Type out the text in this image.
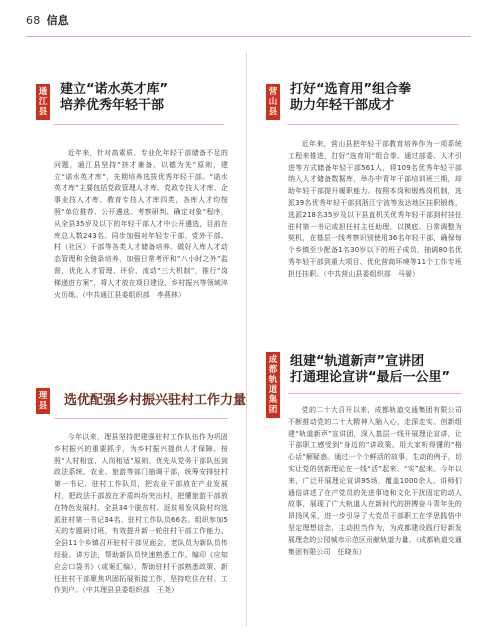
68 信息
通江县
建立“诺水英才库”
培养优秀年轻干部

近年来，针对高素质、专业化年轻干部储备不足的问题，通江县坚持“挤才兼备、以德为先”原则，建立“诺水英才库”，先期培养选拔优秀年轻干部。“诺水英才库”主要包括党政管理人才库、党政专技人才库、企事业技人才库、教育专技人才库四类，各库人才均按照“单位推荐、公开遴选、考察研判、确定对象”程序，从全县35岁及以下的年轻干部人才中公开遴选，目前在库总人数243名。同步加强对年轻专干部、党外干部、村（社区）干部等各类人才储备培养。做好入库人才动态管理和全链条培养，加强日常考评和“八小时之外”监督，优化人才管理、评价、流动“三大机制”，推行“岗梯递进方案”，将人才放在项目建设、乡村振兴等领域淬火历练。（中共通江县委组织部　李燕林）

营山县
打好“选育用”组合拳
助力年轻干部成才

近年来，营山县把年轻干部教育培养作为一项系统工程来推进，打好“选育用”组合拳。通过部委、人才引进等方式储备年轻干部561人，将109名优秀年轻干部纳入人才储备数据库，举办中青年干部培训班三期，却助年轻干部提升履职能力。按照本岗和锻炼岗机制，选派39名优秀年轻干部到浙江宁波等发达地区挂职锻炼，选派218名35岁及以下县直机关优秀年轻干部到村挂任驻村第一书记或担任村主任助理，以摸底、日常调整为契机，在基层一线考察识别使用36名年轻干部，确保每个乡镇至少配备1名30岁以下的班子成员，抽调80名优秀年轻干部到重大项目、优化营商环境等11个工作专班担任挂职。（中共营山县委组织部　马晏）

理县 选优配强乡村振兴驻村工作力量

今年以来，理县坚持把建强驻村工作队伍作为巩固乡村振兴的重要抓手，为乡村振兴提供人才保障。按照“人村相宜、人岗相适”原则，优先从党务干部队伍到政法系统、农业、旅游等部门抽调干部，统筹安排驻村第一书记、驻村工作队员，把农业干部放在产业发展村，把政法干部放在矛盾纠纷突出村，把懂旅游干部放在特色发展村。全县34个脱贫村、返贫易发风险村均选派驻村第一书记34名、驻村工作队员66名。组织参加5天的专题研讨班，有效提升新一轮驻村干部工作能力。全县11个乡镇召开驻村干部见面会，老队员为新队员传经验、讲方法，帮助新队员快速熟悉工作。编印《应知应会口袋书》（或案汇编），帮助驻村干部熟悉政策、新任驻村干部聚焦巩固拓展衔接工作，坚持吃住在村、工作到户。（中共理县县委组织部　王尧）

成都轨道集团
组建“轨道新声”宣讲团
打通理论宣讲“最后一公里”

党的二十大召开以来，成都轨道交通集团有限公司不断推动党的二十大精神入脑入心，走深走实。创新组建“轨道新声”宣讲团，深入基层一线开展理论宣讲，让干部职工感受到“身边的”讲政策。用大家听得懂的“格心话”解疑惑。通过一个个鲜活的故事，生动的例子，切实让党的创新理论在一线“活”起来、“实”起来。今年以来，广泛开展理论宣讲95场，覆盖1000余人。讲师们通俗讲述了在产党员的先进事迹和文化干扰固定的动人故事，展现了广大轨道人在新时代的拼搏奋斗青年先的昂扬风采，进一步引导了大党员干部职工在学思践悟中坚定理想信念，主动担当作为，为成都建设践行好新发展理念的公园城市示范区贡献轨道力量。（成都轨道交通集团有限公司　任晓东）
